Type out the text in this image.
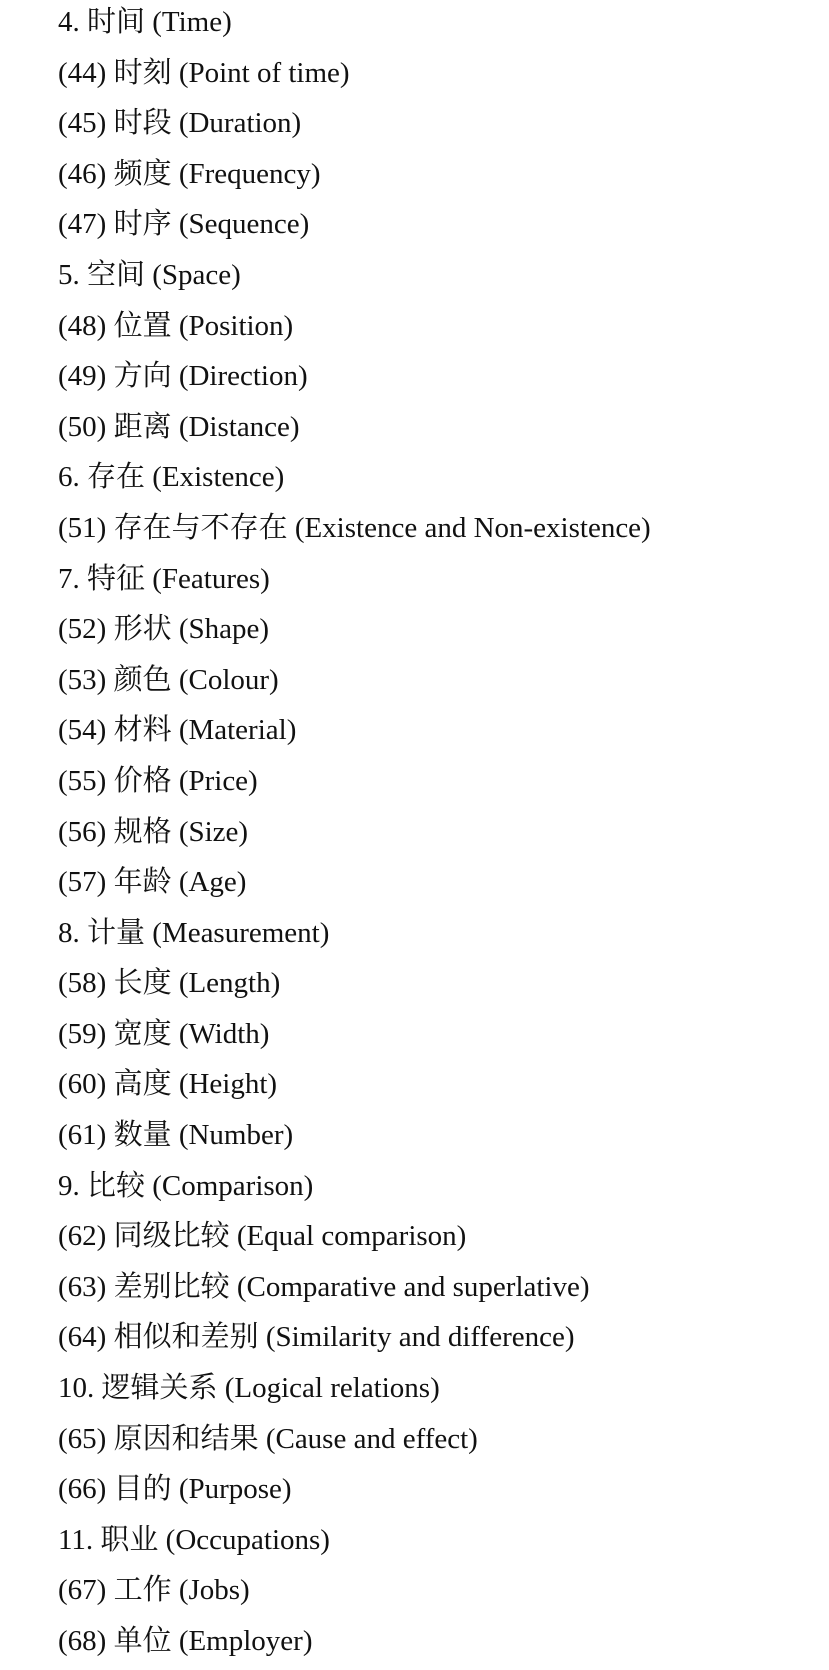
4. 时间 (Time)
(44) 时刻 (Point of time)
(45) 时段 (Duration)
(46) 频度 (Frequency)
(47) 时序 (Sequence)
5. 空间 (Space)
(48) 位置 (Position)
(49) 方向 (Direction)
(50) 距离 (Distance)
6. 存在 (Existence)
(51) 存在与不存在 (Existence and Non-existence)
7. 特征 (Features)
(52) 形状 (Shape)
(53) 颜色 (Colour)
(54) 材料 (Material)
(55) 价格 (Price)
(56) 规格 (Size)
(57) 年龄 (Age)
8. 计量 (Measurement)
(58) 长度 (Length)
(59) 宽度 (Width)
(60) 高度 (Height)
(61) 数量 (Number)
9. 比较 (Comparison)
(62) 同级比较 (Equal comparison)
(63) 差别比较 (Comparative and superlative)
(64) 相似和差别 (Similarity and difference)
10. 逻辑关系 (Logical relations)
(65) 原因和结果 (Cause and effect)
(66) 目的 (Purpose)
11. 职业 (Occupations)
(67) 工作 (Jobs)
(68) 单位 (Employer)
